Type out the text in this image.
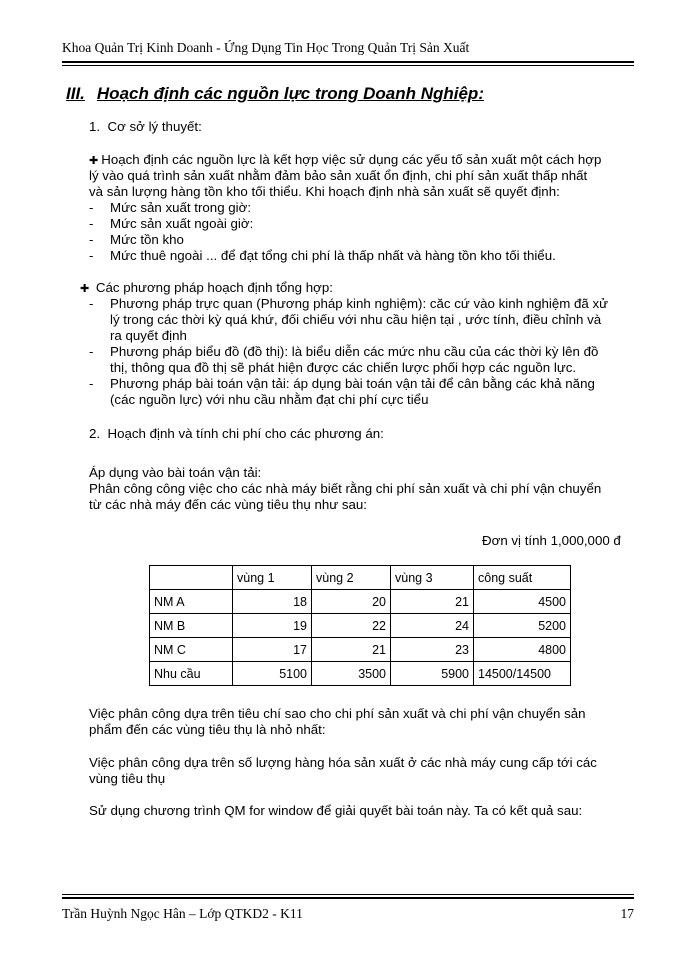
Khoa Quản Trị Kinh Doanh - Ứng Dụng Tin Học Trong Quản Trị Sản Xuất
III. Hoạch định các nguồn lực trong Doanh Nghiệp:
1. Cơ sở lý thuyết:
✚ Hoạch định các nguồn lực là kết hợp việc sử dụng các yếu tố sản xuất một cách hợp
lý vào quá trình sản xuất nhằm đảm bảo sản xuất ổn định, chi phí sản xuất thấp nhất
và sản lượng hàng tồn kho tối thiểu. Khi hoạch định nhà sản xuất sẽ quyết định:
- Mức sản xuất trong giờ:
- Mức sản xuất ngoài giờ:
- Mức tồn kho
- Mức thuê ngoài ... để đạt tổng chi phí là thấp nhất và hàng tồn kho tối thiểu.
✚ Các phương pháp hoạch định tổng hợp:
- Phương pháp trực quan (Phương pháp kinh nghiệm): căc cứ vào kinh nghiệm đã xử
lý trong các thời kỳ quá khứ, đối chiếu với nhu cầu hiện tại , ước tính, điều chỉnh và
ra quyết định
- Phương pháp biểu đồ (đồ thị): là biểu diễn các mức nhu cầu của các thời kỳ lên đồ
thị, thông qua đồ thị sẽ phát hiện được các chiến lược phối hợp các nguồn lực.
- Phương pháp bài toán vận tải: áp dụng bài toán vận tải để cân bằng các khả năng
(các nguồn lực) với nhu cầu nhằm đạt chi phí cực tiểu
2. Hoạch định và tính chi phí cho các phương án:
Áp dụng vào bài toán vận tải:
Phân công công việc cho các nhà máy biết rằng chi phí sản xuất và chi phí vận chuyển
từ các nhà máy đến các vùng tiêu thụ như sau:
Đơn vị tính 1,000,000 đ
	vùng 1	vùng 2	vùng 3	công suất
NM A	18	20	21	4500
NM B	19	22	24	5200
NM C	17	21	23	4800
Nhu cầu	5100	3500	5900	14500/14500
Việc phân công dựa trên tiêu chí sao cho chi phí sản xuất và chi phí vận chuyển sản
phẩm đến các vùng tiêu thụ là nhỏ nhất:
Việc phân công dựa trên số lượng hàng hóa sản xuất ở các nhà máy cung cấp tới các
vùng tiêu thụ
Sử dụng chương trình QM for window để giải quyết bài toán này. Ta có kết quả sau:
Trần Huỳnh Ngọc Hân – Lớp QTKD2 - K11	17
